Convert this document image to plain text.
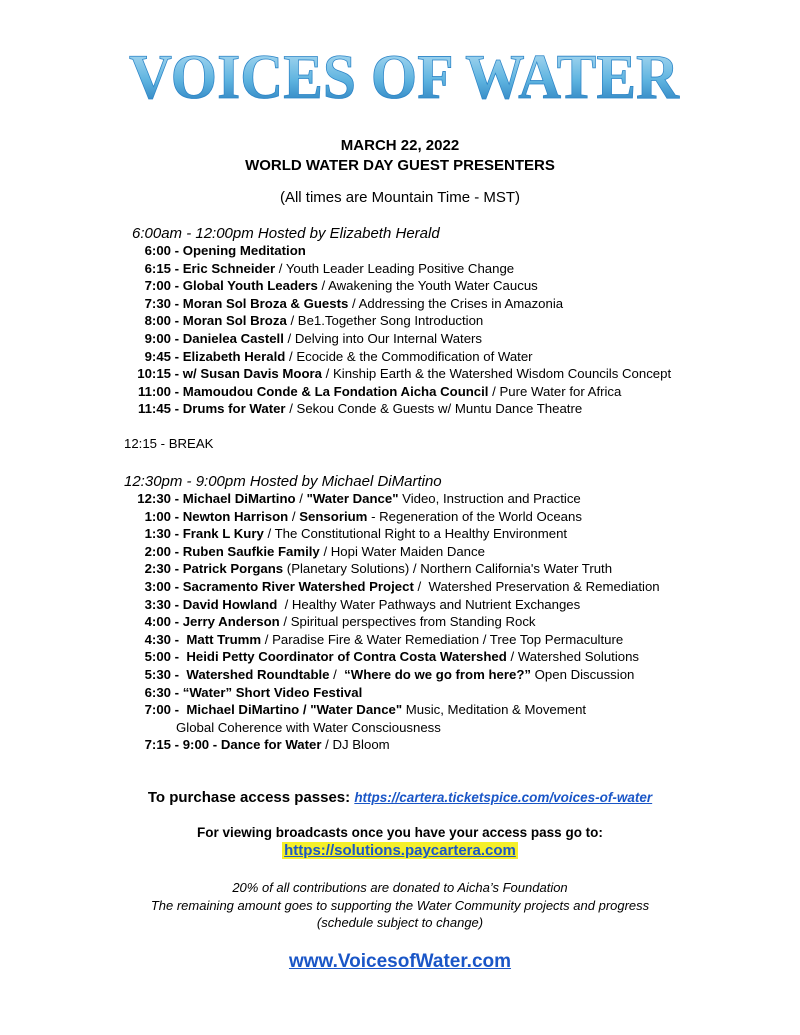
VOICES OF WATER
MARCH 22, 2022
WORLD WATER DAY GUEST PRESENTERS
(All times are Mountain Time - MST)
6:00am - 12:00pm Hosted by Elizabeth Herald
6:00 - Opening Meditation
6:15 - Eric Schneider / Youth Leader Leading Positive Change
7:00 - Global Youth Leaders / Awakening the Youth Water Caucus
7:30 - Moran Sol Broza & Guests / Addressing the Crises in Amazonia
8:00 - Moran Sol Broza / Be1.Together Song Introduction
9:00 - Danielea Castell / Delving into Our Internal Waters
9:45 - Elizabeth Herald / Ecocide & the Commodification of Water
10:15 - w/ Susan Davis Moora / Kinship Earth & the Watershed Wisdom Councils Concept
11:00 - Mamoudou Conde & La Fondation Aicha Council / Pure Water for Africa
11:45 - Drums for Water / Sekou Conde & Guests w/ Muntu Dance Theatre
12:15 - BREAK
12:30pm - 9:00pm Hosted by Michael DiMartino
12:30 - Michael DiMartino / "Water Dance" Video, Instruction and Practice
1:00 - Newton Harrison / Sensorium - Regeneration of the World Oceans
1:30 - Frank L Kury / The Constitutional Right to a Healthy Environment
2:00 - Ruben Saufkie Family / Hopi Water Maiden Dance
2:30 - Patrick Porgans (Planetary Solutions) / Northern California's Water Truth
3:00 - Sacramento River Watershed Project /  Watershed Preservation & Remediation
3:30 - David Howland  / Healthy Water Pathways and Nutrient Exchanges
4:00 - Jerry Anderson / Spiritual perspectives from Standing Rock
4:30 -  Matt Trumm / Paradise Fire & Water Remediation / Tree Top Permaculture
5:00 -  Heidi Petty Coordinator of Contra Costa Watershed / Watershed Solutions
5:30 -  Watershed Roundtable /  “Where do we go from here?” Open Discussion
6:30 - “Water” Short Video Festival
7:00 -  Michael DiMartino / "Water Dance" Music, Meditation & Movement
Global Coherence with Water Consciousness
7:15 - 9:00 - Dance for Water / DJ Bloom
To purchase access passes: https://cartera.ticketspice.com/voices-of-water
For viewing broadcasts once you have your access pass go to:
https://solutions.paycartera.com
20% of all contributions are donated to Aicha’s Foundation
The remaining amount goes to supporting the Water Community projects and progress
(schedule subject to change)
www.VoicesofWater.com
